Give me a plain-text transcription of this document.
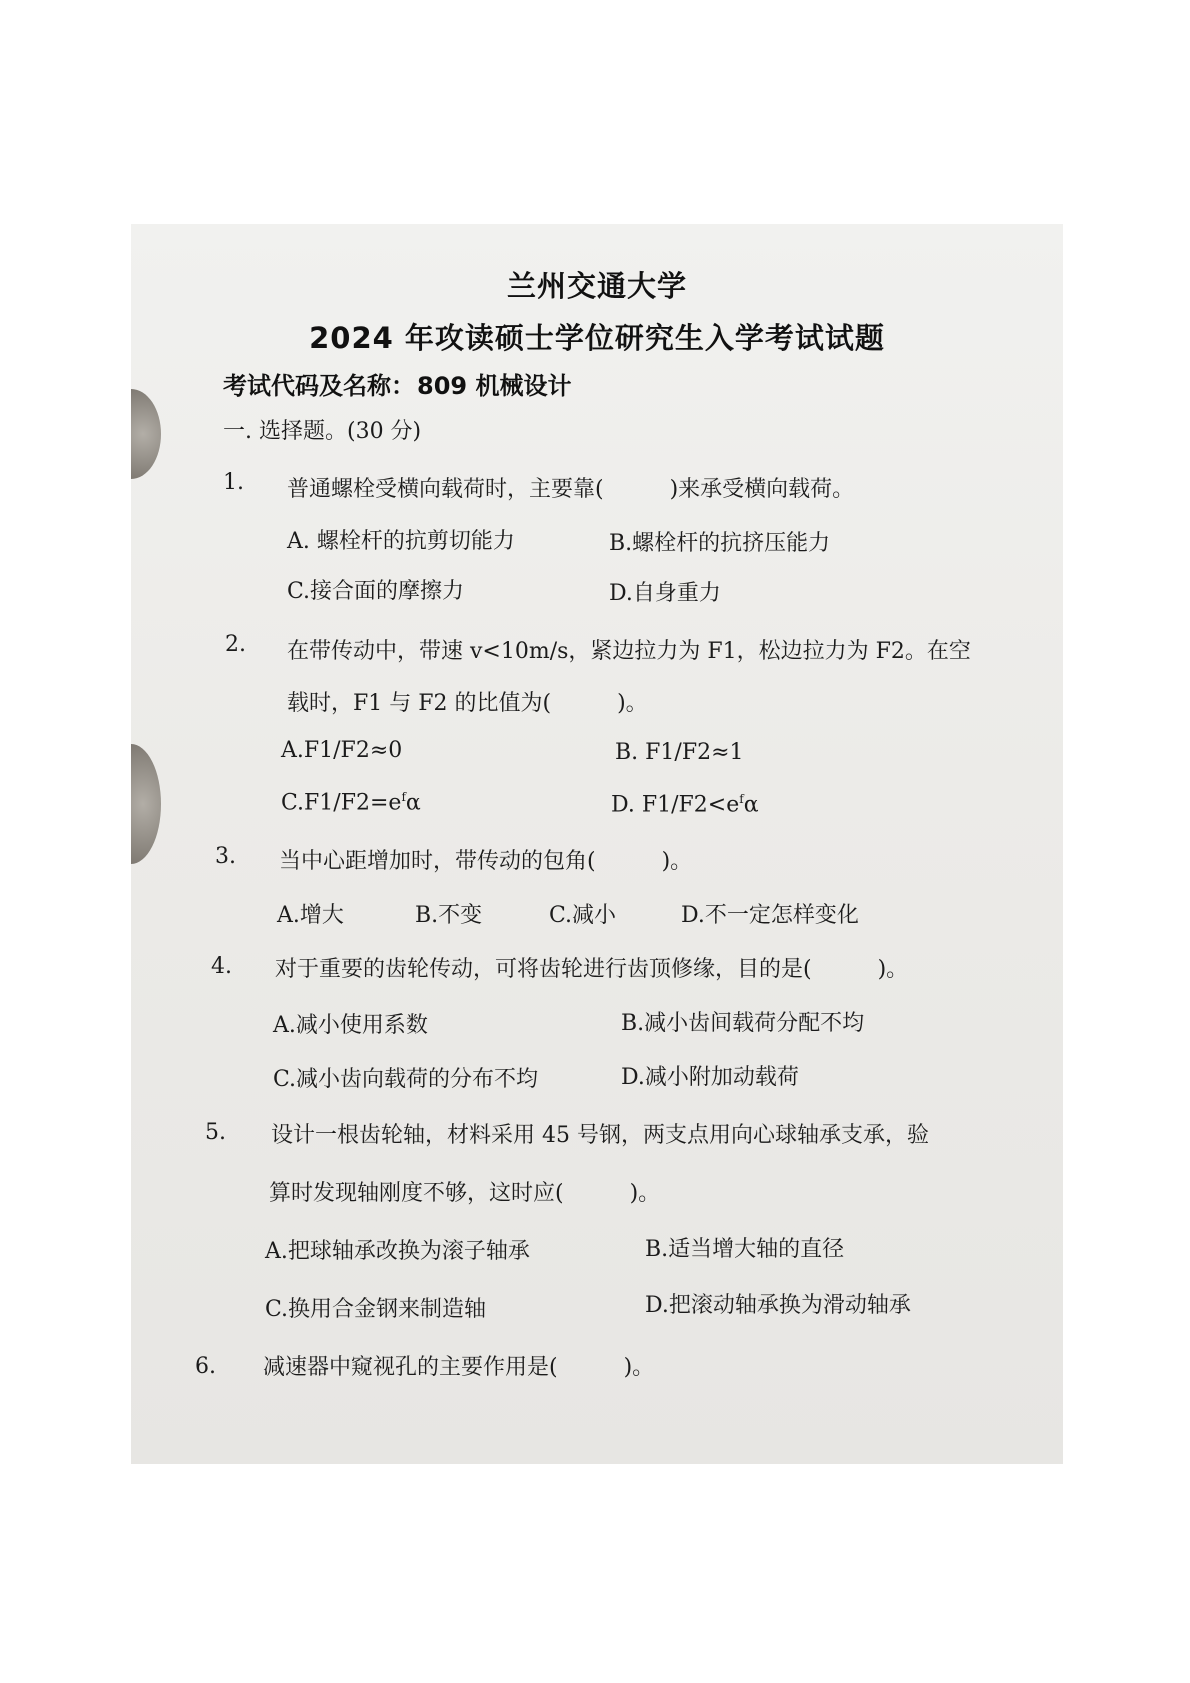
兰州交通大学
2024 年攻读硕士学位研究生入学考试试题
考试代码及名称：809 机械设计
一. 选择题。(30 分)
1. 普通螺栓受横向载荷时，主要靠(　　　)来承受横向载荷。
A. 螺栓杆的抗剪切能力	B.螺栓杆的抗挤压能力
C.接合面的摩擦力	D.自身重力
2. 在带传动中，带速 v<10m/s，紧边拉力为 F1，松边拉力为 F2。在空
载时，F1 与 F2 的比值为(　　　)。
A.F1/F2≈0	B. F1/F2≈1
$C.F1/F2=e^f\alpha$	D. $F1/F2<e^f\alpha$
3. 当中心距增加时，带传动的包角(　　　)。
A.增大	B.不变	C.减小	D.不一定怎样变化
4. 对于重要的齿轮传动，可将齿轮进行齿顶修缘，目的是(　　　)。
A.减小使用系数	B.减小齿间载荷分配不均
C.减小齿向载荷的分布不均	D.减小附加动载荷
5. 设计一根齿轮轴，材料采用 45 号钢，两支点用向心球轴承支承，验
算时发现轴刚度不够，这时应(　　　)。
A.把球轴承改换为滚子轴承	B.适当增大轴的直径
C.换用合金钢来制造轴	D.把滚动轴承换为滑动轴承
6. 减速器中窥视孔的主要作用是(　　　)。
